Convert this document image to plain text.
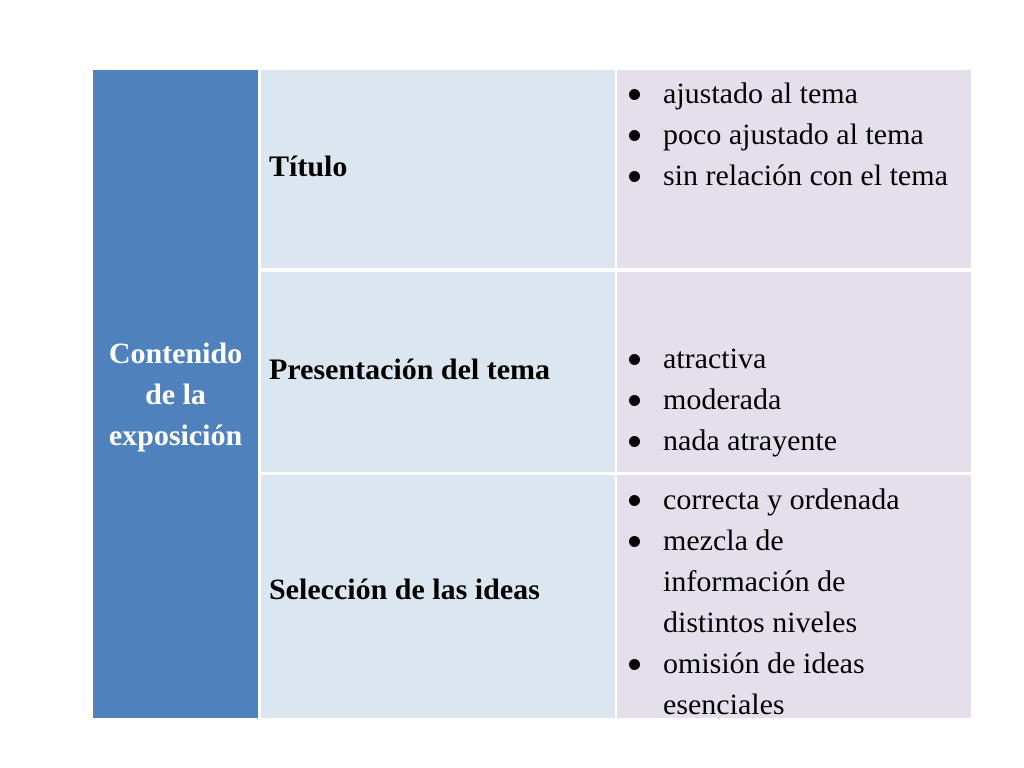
Contenido
de la
exposición
Título
ajustado al tema
poco ajustado al tema
sin relación con el tema
Presentación del tema	atractiva
moderada
nada atrayente
Selección de las ideas
correcta y ordenada
mezcla de información de distintos niveles
omisión de ideas esenciales
